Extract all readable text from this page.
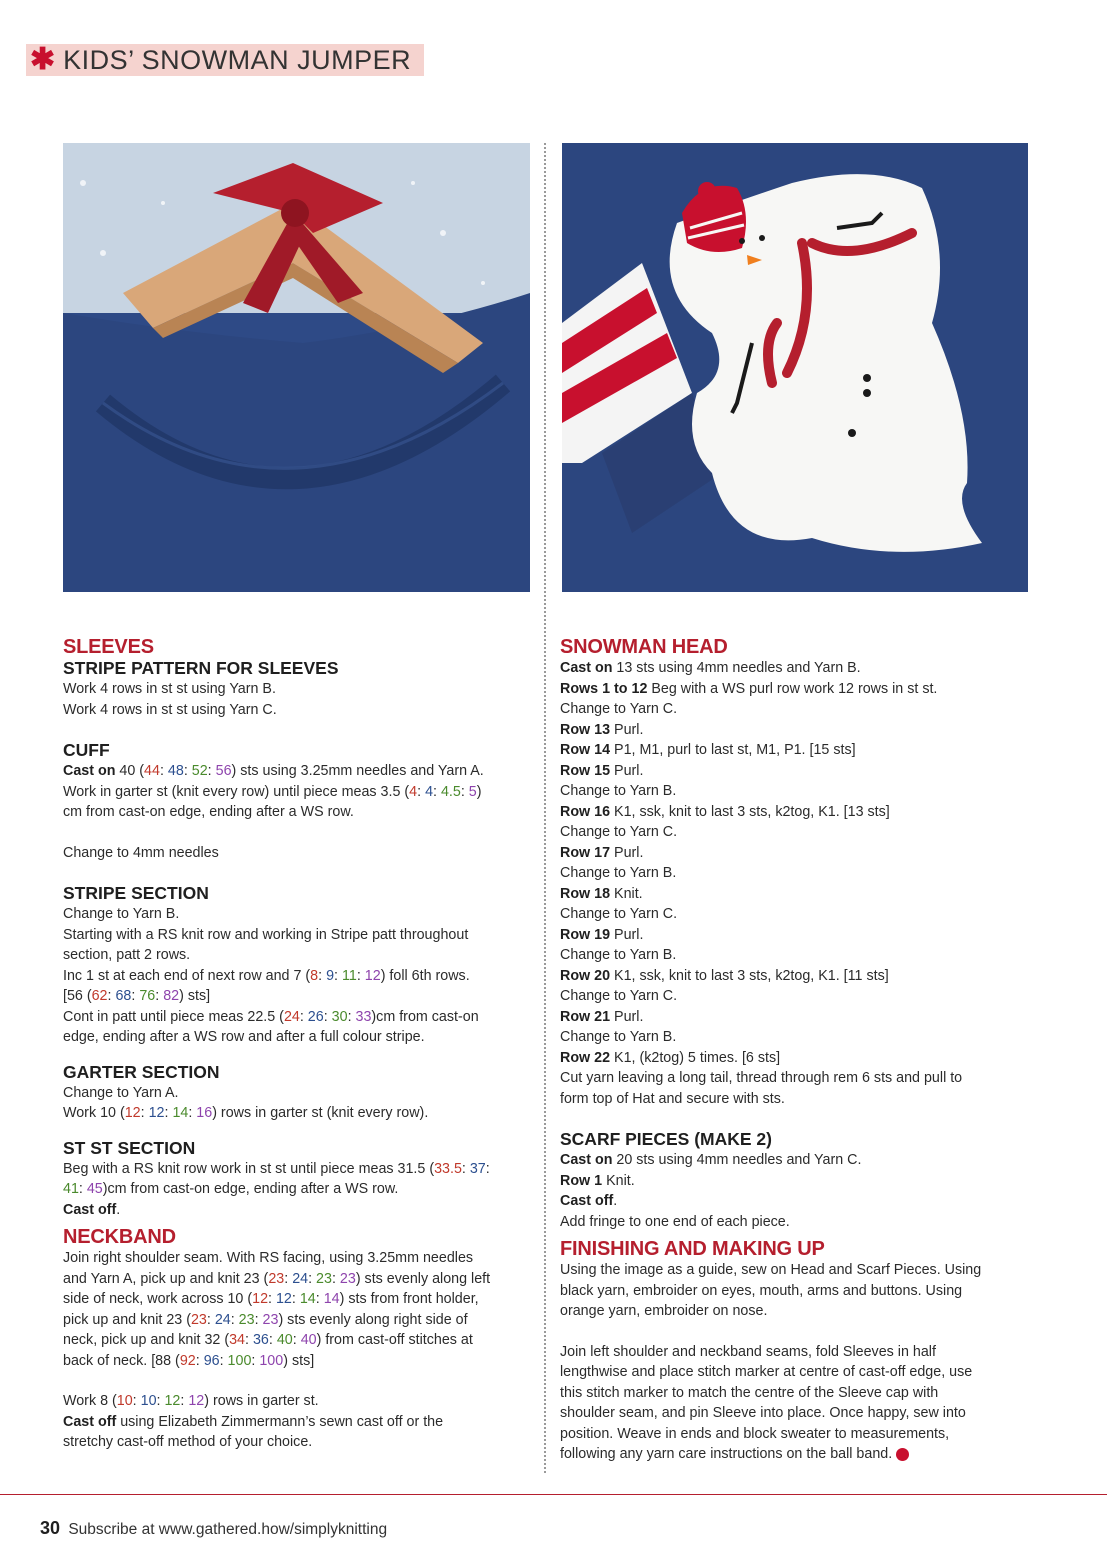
✱ KIDS’ SNOWMAN JUMPER

SLEEVES

STRIPE PATTERN FOR SLEEVES

Work 4 rows in st st using Yarn B.

Work 4 rows in st st using Yarn C.

CUFF

Cast on 40 (44: 48: 52: 56) sts using 3.25mm needles and Yarn A.

Work in garter st (knit every row) until piece meas 3.5 (4: 4: 4.5: 5)

cm from cast-on edge, ending after a WS row.

Change to 4mm needles

STRIPE SECTION

Change to Yarn B.

Starting with a RS knit row and working in Stripe patt throughout

section, patt 2 rows.

Inc 1 st at each end of next row and 7 (8: 9: 11: 12) foll 6th rows.

[56 (62: 68: 76: 82) sts]

Cont in patt until piece meas 22.5 (24: 26: 30: 33)cm from cast-on

edge, ending after a WS row and after a full colour stripe.

GARTER SECTION

Change to Yarn A.

Work 10 (12: 12: 14: 16) rows in garter st (knit every row).

ST ST SECTION

Beg with a RS knit row work in st st until piece meas 31.5 (33.5: 37:

41: 45)cm from cast-on edge, ending after a WS row.

Cast off.

NECKBAND

Join right shoulder seam. With RS facing, using 3.25mm needles

and Yarn A, pick up and knit 23 (23: 24: 23: 23) sts evenly along left

side of neck, work across 10 (12: 12: 14: 14) sts from front holder,

pick up and knit 23 (23: 24: 23: 23) sts evenly along right side of

neck, pick up and knit 32 (34: 36: 40: 40) from cast-off stitches at

back of neck. [88 (92: 96: 100: 100) sts]

Work 8 (10: 10: 12: 12) rows in garter st.

Cast off using Elizabeth Zimmermann’s sewn cast off or the

stretchy cast-off method of your choice.

SNOWMAN HEAD

Cast on 13 sts using 4mm needles and Yarn B.

Rows 1 to 12 Beg with a WS purl row work 12 rows in st st.

Change to Yarn C.

Row 13 Purl.

Row 14 P1, M1, purl to last st, M1, P1. [15 sts]

Row 15 Purl.

Change to Yarn B.

Row 16 K1, ssk, knit to last 3 sts, k2tog, K1. [13 sts]

Change to Yarn C.

Row 17 Purl.

Change to Yarn B.

Row 18 Knit.

Change to Yarn C.

Row 19 Purl.

Change to Yarn B.

Row 20 K1, ssk, knit to last 3 sts, k2tog, K1. [11 sts]

Change to Yarn C.

Row 21 Purl.

Change to Yarn B.

Row 22 K1, (k2tog) 5 times. [6 sts]

Cut yarn leaving a long tail, thread through rem 6 sts and pull to

form top of Hat and secure with sts.

SCARF PIECES (MAKE 2)

Cast on 20 sts using 4mm needles and Yarn C.

Row 1 Knit.

Cast off.

Add fringe to one end of each piece.

FINISHING AND MAKING UP

Using the image as a guide, sew on Head and Scarf Pieces. Using

black yarn, embroider on eyes, mouth, arms and buttons. Using

orange yarn, embroider on nose.

Join left shoulder and neckband seams, fold Sleeves in half

lengthwise and place stitch marker at centre of cast-off edge, use

this stitch marker to match the centre of the Sleeve cap with

shoulder seam, and pin Sleeve into place. Once happy, sew into

position. Weave in ends and block sweater to measurements,

following any yarn care instructions on the ball band.

30 Subscribe at www.gathered.how/simplyknitting
